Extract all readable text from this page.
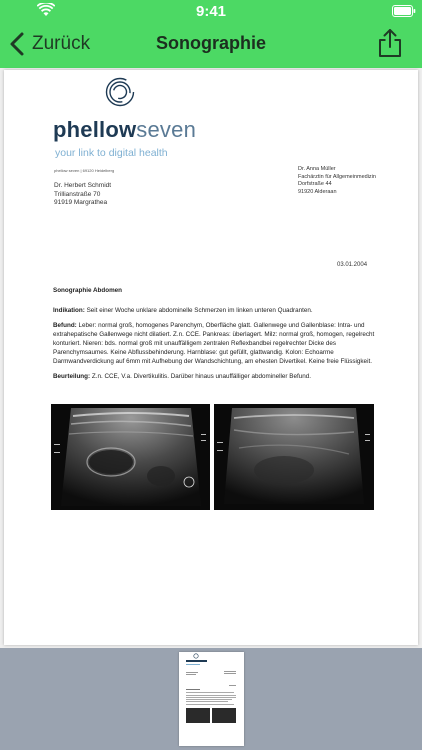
9:41
Zurück	Sonographie
phellowseven
your link to digital health
phellow seven | 69120 Heidelberg
Dr. Herbert Schmidt
Trillianstraße 70
91919 Margrathea
Dr. Anna Müller
Fachärztin für Allgemeinmedizin
Dorfstraße 44
91920 Alderaan
03.01.2004

Sonographie Abdomen

Indikation: Seit einer Woche unklare abdominelle Schmerzen im linken unteren Quadranten.

Befund: Leber: normal groß, homogenes Parenchym, Oberfläche glatt. Gallenwege und Gallenblase: Intra- und extrahepatische Gallenwege nicht dilatiert. Z.n. CCE. Pankreas: überlagert. Milz: normal groß, homogen, regelrecht konturiert. Nieren: bds. normal groß mit unauffälligem zentralen Reflexbandbei regelrechter Dicke des Parenchymsaumes. Keine Abflussbehinderung. Harnblase: gut gefüllt, glattwandig. Kolon: Echoarme Darmwandverdickung auf 6mm mit Aufhebung der Wandschichtung, am ehesten Divertikel. Keine freie Flüssigkeit.

Beurteilung: Z.n. CCE, V.a. Divertikulitis. Darüber hinaus unauffälliger abdomineller Befund.
